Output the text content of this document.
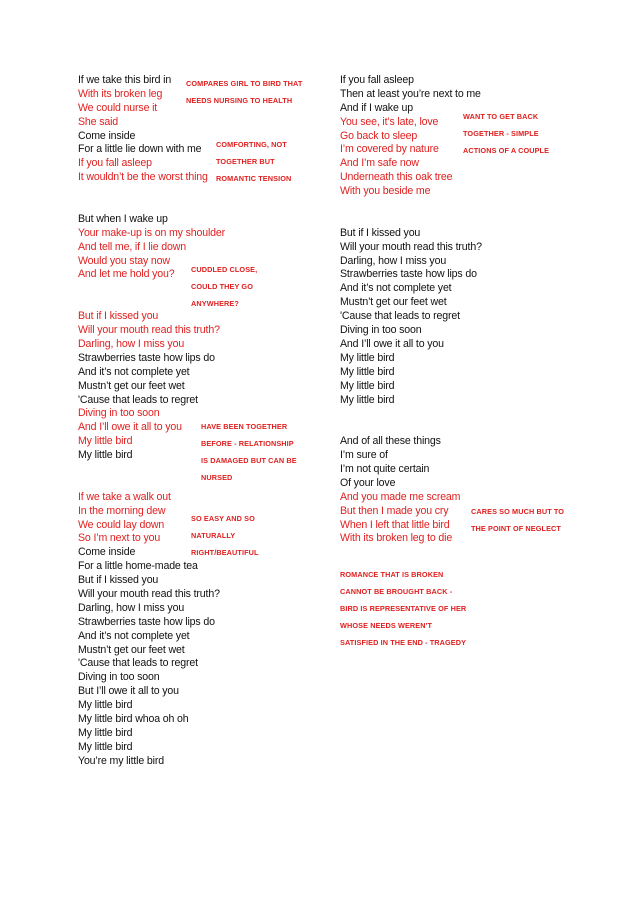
If we take this bird in
With its broken leg
We could nurse it
She said
Come inside
For a little lie down with me
If you fall asleep
It wouldn’t be the worst thing
But when I wake up
Your make-up is on my shoulder
And tell me, if I lie down
Would you stay now
And let me hold you?
But if I kissed you
Will your mouth read this truth?
Darling, how I miss you
Strawberries taste how lips do
And it’s not complete yet
Mustn’t get our feet wet
'Cause that leads to regret
Diving in too soon
And I’ll owe it all to you
My little bird
My little bird
If we take a walk out
In the morning dew
We could lay down
So I’m next to you
Come inside
For a little home-made tea
But if I kissed you
Will your mouth read this truth?
Darling, how I miss you
Strawberries taste how lips do
And it’s not complete yet
Mustn’t get our feet wet
'Cause that leads to regret
Diving in too soon
But I’ll owe it all to you
My little bird
My little bird whoa oh oh
My little bird
My little bird
You’re my little bird
If you fall asleep
Then at least you’re next to me
And if I wake up
You see, it’s late, love
Go back to sleep
I’m covered by nature
And I’m safe now
Underneath this oak tree
With you beside me
But if I kissed you
Will your mouth read this truth?
Darling, how I miss you
Strawberries taste how lips do
And it’s not complete yet
Mustn’t get our feet wet
'Cause that leads to regret
Diving in too soon
And I’ll owe it all to you
My little bird
My little bird
My little bird
My little bird
And of all these things
I’m sure of
I’m not quite certain
Of your love
And you made me scream
But then I made you cry
When I left that little bird
With its broken leg to die
COMPARES GIRL TO BIRD THAT
NEEDS NURSING TO HEALTH
COMFORTING, NOT
TOGETHER BUT
ROMANTIC TENSION
CUDDLED CLOSE,
COULD THEY GO
ANYWHERE?
HAVE BEEN TOGETHER
BEFORE - RELATIONSHIP
IS DAMAGED BUT CAN BE
NURSED
SO EASY AND SO
NATURALLY
RIGHT/BEAUTIFUL
WANT TO GET BACK
TOGETHER - SIMPLE
ACTIONS OF A COUPLE
CARES SO MUCH BUT TO
THE POINT OF NEGLECT
ROMANCE THAT IS BROKEN
CANNOT BE BROUGHT BACK -
BIRD IS REPRESENTATIVE OF HER
WHOSE NEEDS WEREN'T
SATISFIED IN THE END - TRAGEDY
